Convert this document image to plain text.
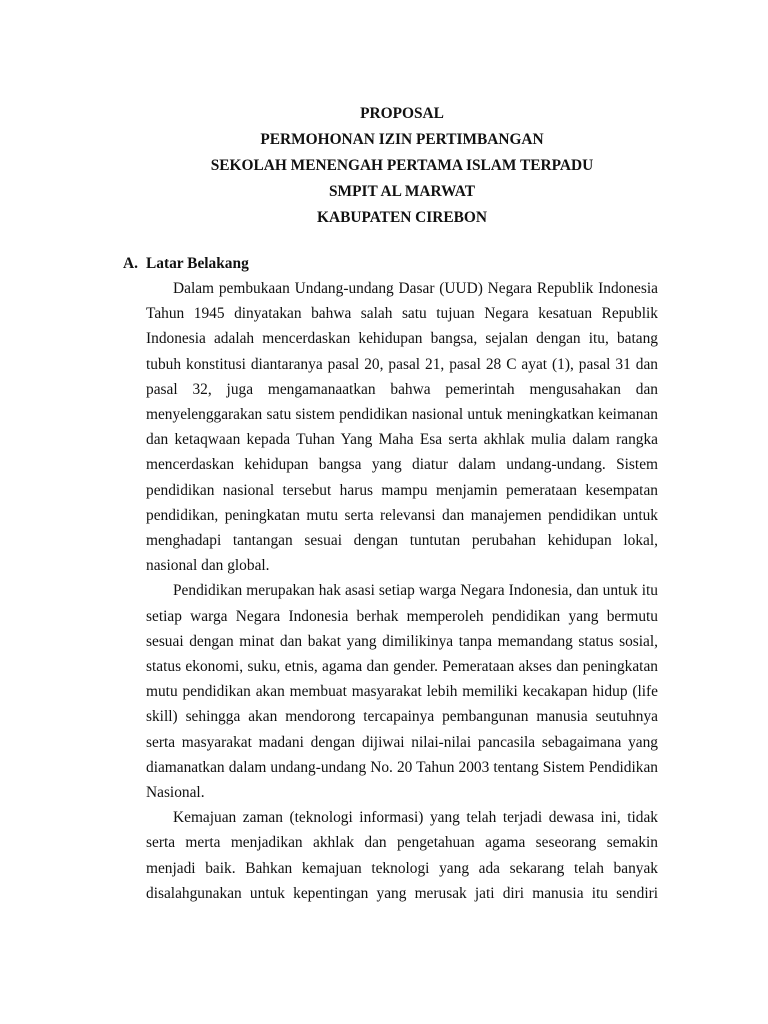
PROPOSAL
PERMOHONAN IZIN PERTIMBANGAN
SEKOLAH MENENGAH PERTAMA ISLAM TERPADU
SMPIT AL MARWAT
KABUPATEN CIREBON
A. Latar Belakang

Dalam pembukaan Undang-undang Dasar (UUD) Negara Republik Indonesia Tahun 1945 dinyatakan bahwa salah satu tujuan Negara kesatuan Republik Indonesia adalah mencerdaskan kehidupan bangsa, sejalan dengan itu, batang tubuh konstitusi diantaranya pasal 20, pasal 21, pasal 28 C ayat (1), pasal 31 dan pasal 32, juga mengamanaatkan bahwa pemerintah mengusahakan dan menyelenggarakan satu sistem pendidikan nasional untuk meningkatkan keimanan dan ketaqwaan kepada Tuhan Yang Maha Esa serta akhlak mulia dalam rangka mencerdaskan kehidupan bangsa yang diatur dalam undang-undang. Sistem pendidikan nasional tersebut harus mampu menjamin pemerataan kesempatan pendidikan, peningkatan mutu serta relevansi dan manajemen pendidikan untuk menghadapi tantangan sesuai dengan tuntutan perubahan kehidupan lokal, nasional dan global.

Pendidikan merupakan hak asasi setiap warga Negara Indonesia, dan untuk itu setiap warga Negara Indonesia berhak memperoleh pendidikan yang bermutu sesuai dengan minat dan bakat yang dimilikinya tanpa memandang status sosial, status ekonomi, suku, etnis, agama dan gender. Pemerataan akses dan peningkatan mutu pendidikan akan membuat masyarakat lebih memiliki kecakapan hidup (life skill) sehingga akan mendorong tercapainya pembangunan manusia seutuhnya serta masyarakat madani dengan dijiwai nilai-nilai pancasila sebagaimana yang diamanatkan dalam undang-undang No. 20 Tahun 2003 tentang Sistem Pendidikan Nasional.

Kemajuan zaman (teknologi informasi) yang telah terjadi dewasa ini, tidak serta merta menjadikan akhlak dan pengetahuan agama seseorang semakin menjadi baik. Bahkan kemajuan teknologi yang ada sekarang telah banyak disalahgunakan untuk kepentingan yang merusak jati diri manusia itu sendiri
